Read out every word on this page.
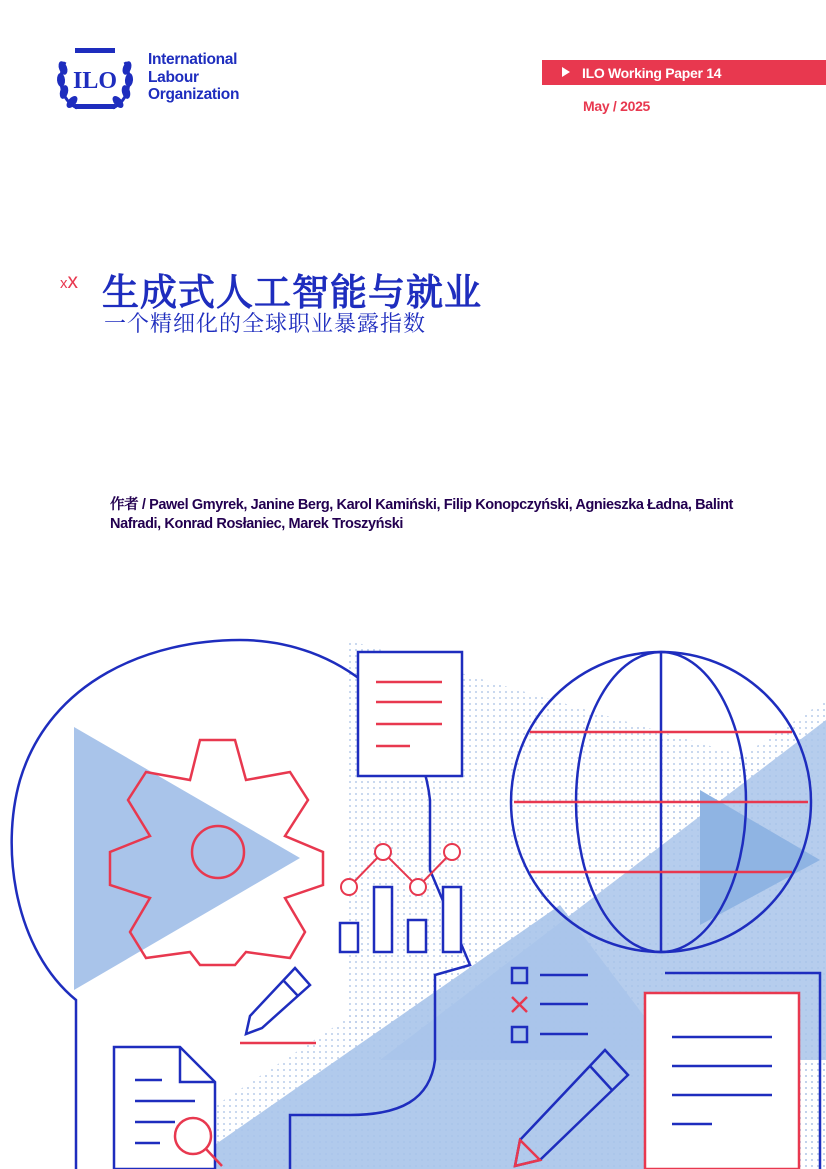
ILO
International
Labour
Organization
ILO Working Paper 14
May / 2025
xx 生成式人工智能与就业
一个精细化的全球职业暴露指数
作者 / Pawel Gmyrek, Janine Berg, Karol Kamiński, Filip Konopczyński, Agnieszka Ładna, Balint Nafradi, Konrad Rosłaniec, Marek Troszyński
